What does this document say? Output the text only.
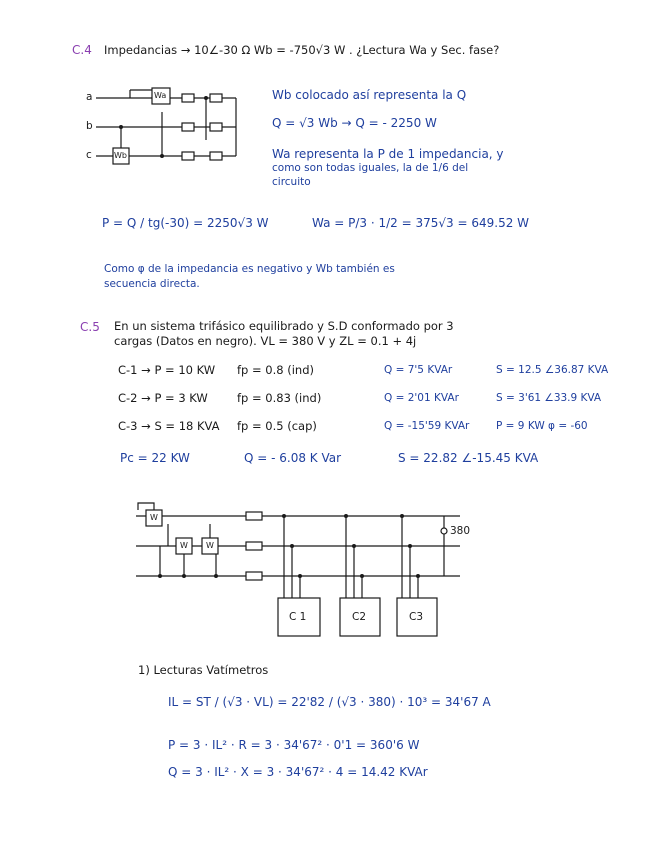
C.4 Impedancias → 10∠-30 Ω Wb = -750√3 W . ¿Lectura Wa y Sec. fase?
a
b
c
Wa
Wb
Wb colocado así representa la Q
Q = √3 Wb → Q = - 2250 W
Wa representa la P de 1 impedancia, y
como son todas iguales, la de 1/6 del
circuito
P = Q / tg(-30) = 2250√3 W	Wa = P/3 · 1/2 = 375√3 = 649.52 W
Como φ de la impedancia es negativo y Wb también es
secuencia directa.
C.5 En un sistema trifásico equilibrado y S.D conformado por 3
cargas (Datos en negro). VL = 380 V y ZL = 0.1 + 4j
C-1 → P = 10 KW fp = 0.8 (ind)	Q = 7'5 KVAr	S = 12.5 ∠36.87 KVA
C-2 → P = 3 KW	fp = 0.83 (ind)	Q = 2'01 KVAr	S = 3'61 ∠33.9 KVA
C-3 → S = 18 KVA fp = 0.5 (cap)	Q = -15'59 KVAr	P = 9 KW φ = -60
Pc = 22 KW	Q = - 6.08 K Var	S = 22.82 ∠-15.45 KVA
W
W W
380
C 1	C2	C3
1) Lecturas Vatímetros
IL = ST / (√3 · VL) = 22'82 / (√3 · 380) · 10³ = 34'67 A
P = 3 · IL² · R = 3 · 34'67² · 0'1 = 360'6 W
Q = 3 · IL² · X = 3 · 34'67² · 4 = 14.42 KVAr
